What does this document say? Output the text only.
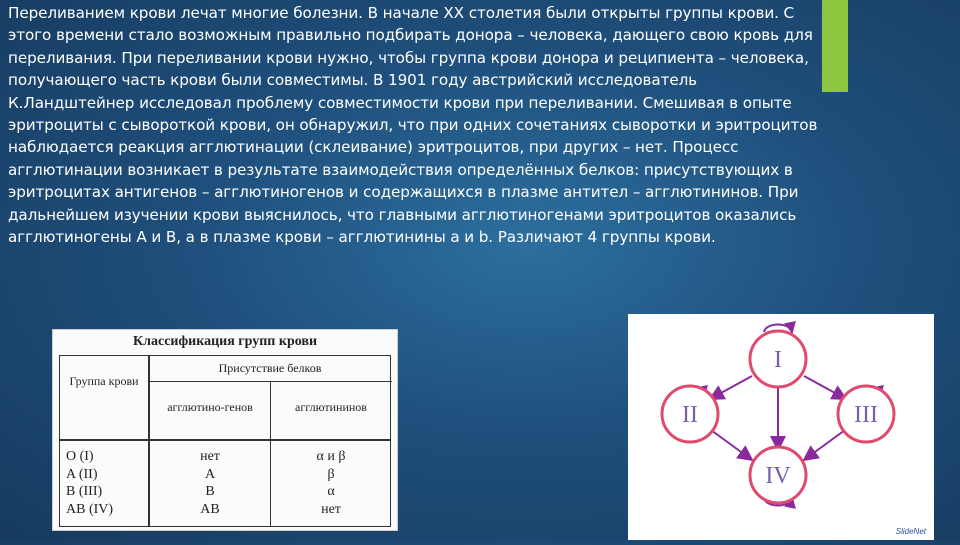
Переливанием крови лечат многие болезни. В начале ХХ столетия были открыты группы крови. С этого времени стало возможным правильно подбирать донора – человека, дающего свою кровь для переливания. При переливании крови нужно, чтобы группа крови донора и реципиента – человека, получающего часть крови были совместимы. В 1901 году австрийский исследователь К.Ландштейнер исследовал проблему совместимости крови при переливании. Смешивая в опыте эритроциты с сывороткой крови, он обнаружил, что при одних сочетаниях сыворотки и эритроцитов наблюдается реакция агглютинации (склеивание) эритроцитов, при других – нет. Процесс агглютинации возникает в результате взаимодействия определённых белков: присутствующих в эритроцитах антигенов – агглютиногенов и содержащихся в плазме антител – агглютининов. При дальнейшем изучении крови выяснилось, что главными агглютиногенами эритроцитов оказались агглютиногены А и В, а в плазме крови – агглютинины а и b. Различают 4 группы крови.
Классификация групп крови
Группа крови
Присутствие белков
агглютино-генов	агглютининов
O (I)
A (II)
B (III)
AB (IV)
нет
A
B
AB
α и β
β
α
нет
I
II	III
IV
SlideNet
